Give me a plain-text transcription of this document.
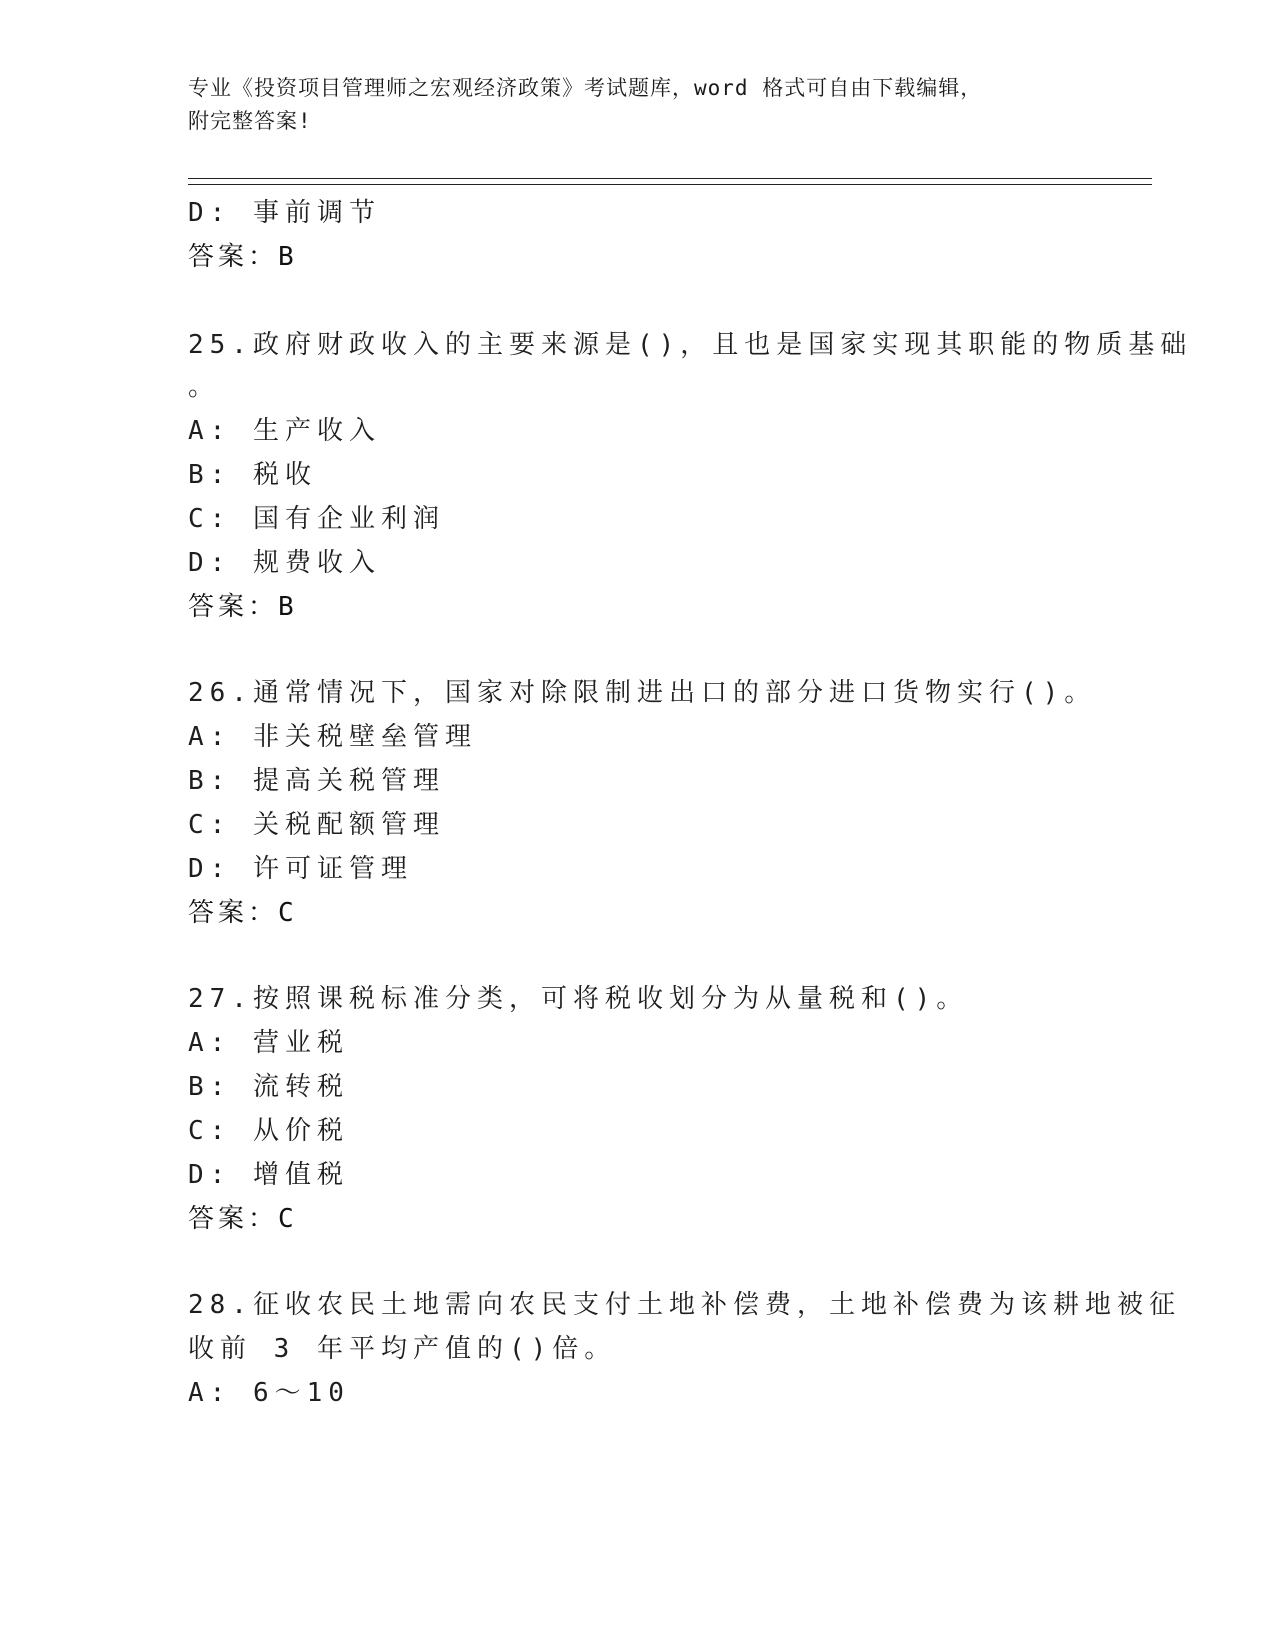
专业《投资项目管理师之宏观经济政策》考试题库，word 格式可自由下载编辑，
附完整答案!
D: 事前调节
答案：B
25.政府财政收入的主要来源是()，且也是国家实现其职能的物质基础
。
A: 生产收入
B: 税收
C: 国有企业利润
D: 规费收入
答案：B
26.通常情况下，国家对除限制进出口的部分进口货物实行()。
A: 非关税壁垒管理
B: 提高关税管理
C: 关税配额管理
D: 许可证管理
答案：C
27.按照课税标准分类，可将税收划分为从量税和()。
A: 营业税
B: 流转税
C: 从价税
D: 增值税
答案：C
28.征收农民土地需向农民支付土地补偿费，土地补偿费为该耕地被征
收前 3 年平均产值的()倍。
A: 6～10
